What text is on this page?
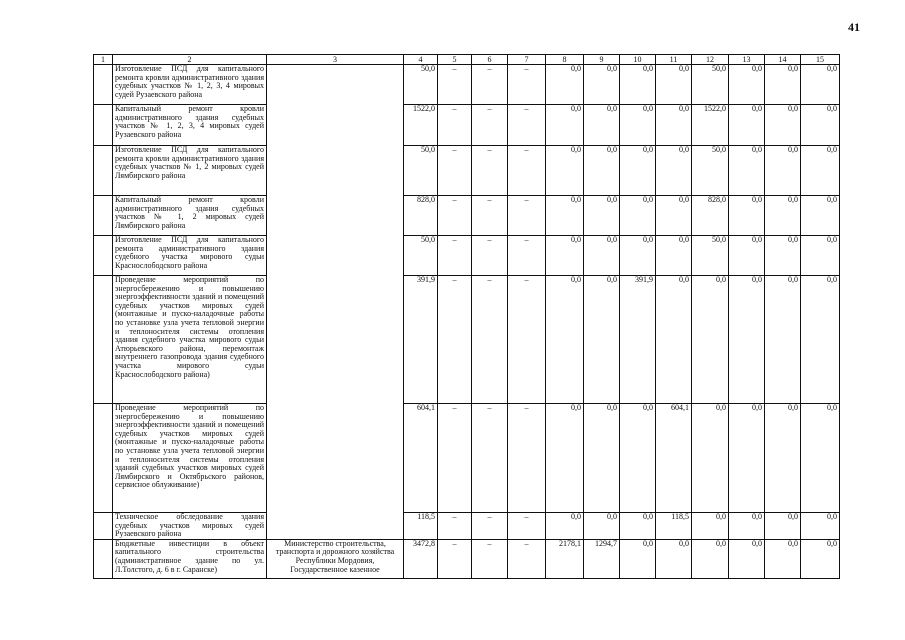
41
1	2	3	4	5	6	7	8	9	10	11	12	13	14	15
	Изготовление ПСД для капитального ремонта кровли административного здания судебных участков № 1, 2, 3, 4 мировых судей Рузаевского района		50,0	–	–	–	0,0	0,0	0,0	0,0	50,0	0,0	0,0	0,0
	Капитальный ремонт кровли административного здания судебных участков № 1, 2, 3, 4 мировых судей Рузаевского района		1522,0	–	–	–	0,0	0,0	0,0	0,0	1522,0	0,0	0,0	0,0
	Изготовление ПСД для капитального ремонта кровли административного здания судебных участков № 1, 2 мировых судей Лямбирского района		50,0	–	–	–	0,0	0,0	0,0	0,0	50,0	0,0	0,0	0,0
	Капитальный ремонт кровли административного здания судебных участков № 1, 2 мировых судей Лямбирского района		828,0	–	–	–	0,0	0,0	0,0	0,0	828,0	0,0	0,0	0,0
	Изготовление ПСД для капитального ремонта административного здания судебного участка мирового судьи Краснослободского района		50,0	–	–	–	0,0	0,0	0,0	0,0	50,0	0,0	0,0	0,0
	Проведение мероприятий по энергосбережению и повышению энергоэффективности зданий и помещений судебных участков мировых судей (монтажные и пуско-наладочные работы по установке узла учета тепловой энергии и теплоносителя системы отопления здания судебного участка мирового судьи Атюрьевского района, перемонтаж внутреннего газопровода здания судебного участка мирового судьи Краснослободского района)		391,9	–	–	–	0,0	0,0	391,9	0,0	0,0	0,0	0,0	0,0
	Проведение мероприятий по энергосбережению и повышению энергоэффективности зданий и помещений судебных участков мировых судей (монтажные и пуско-наладочные работы по установке узла учета тепловой энергии и теплоносителя системы отопления зданий судебных участков мировых судей Лямбирского и Октябрьского районов, сервисное облуживание)		604,1	–	–	–	0,0	0,0	0,0	604,1	0,0	0,0	0,0	0,0
	Техническое обследование здания судебных участков мировых судей Рузаевского района		118,5	–	–	–	0,0	0,0	0,0	118,5	0,0	0,0	0,0	0,0
	Бюджетные инвестиции в объект капитального строительства (административное здание по ул. Л.Толстого, д. 6 в г. Саранске)	Министерство строительства, транспорта и дорожного хозяйства Республики Мордовия, Государственное казенное	3472,8	–	–	–	2178,1	1294,7	0,0	0,0	0,0	0,0	0,0	0,0
